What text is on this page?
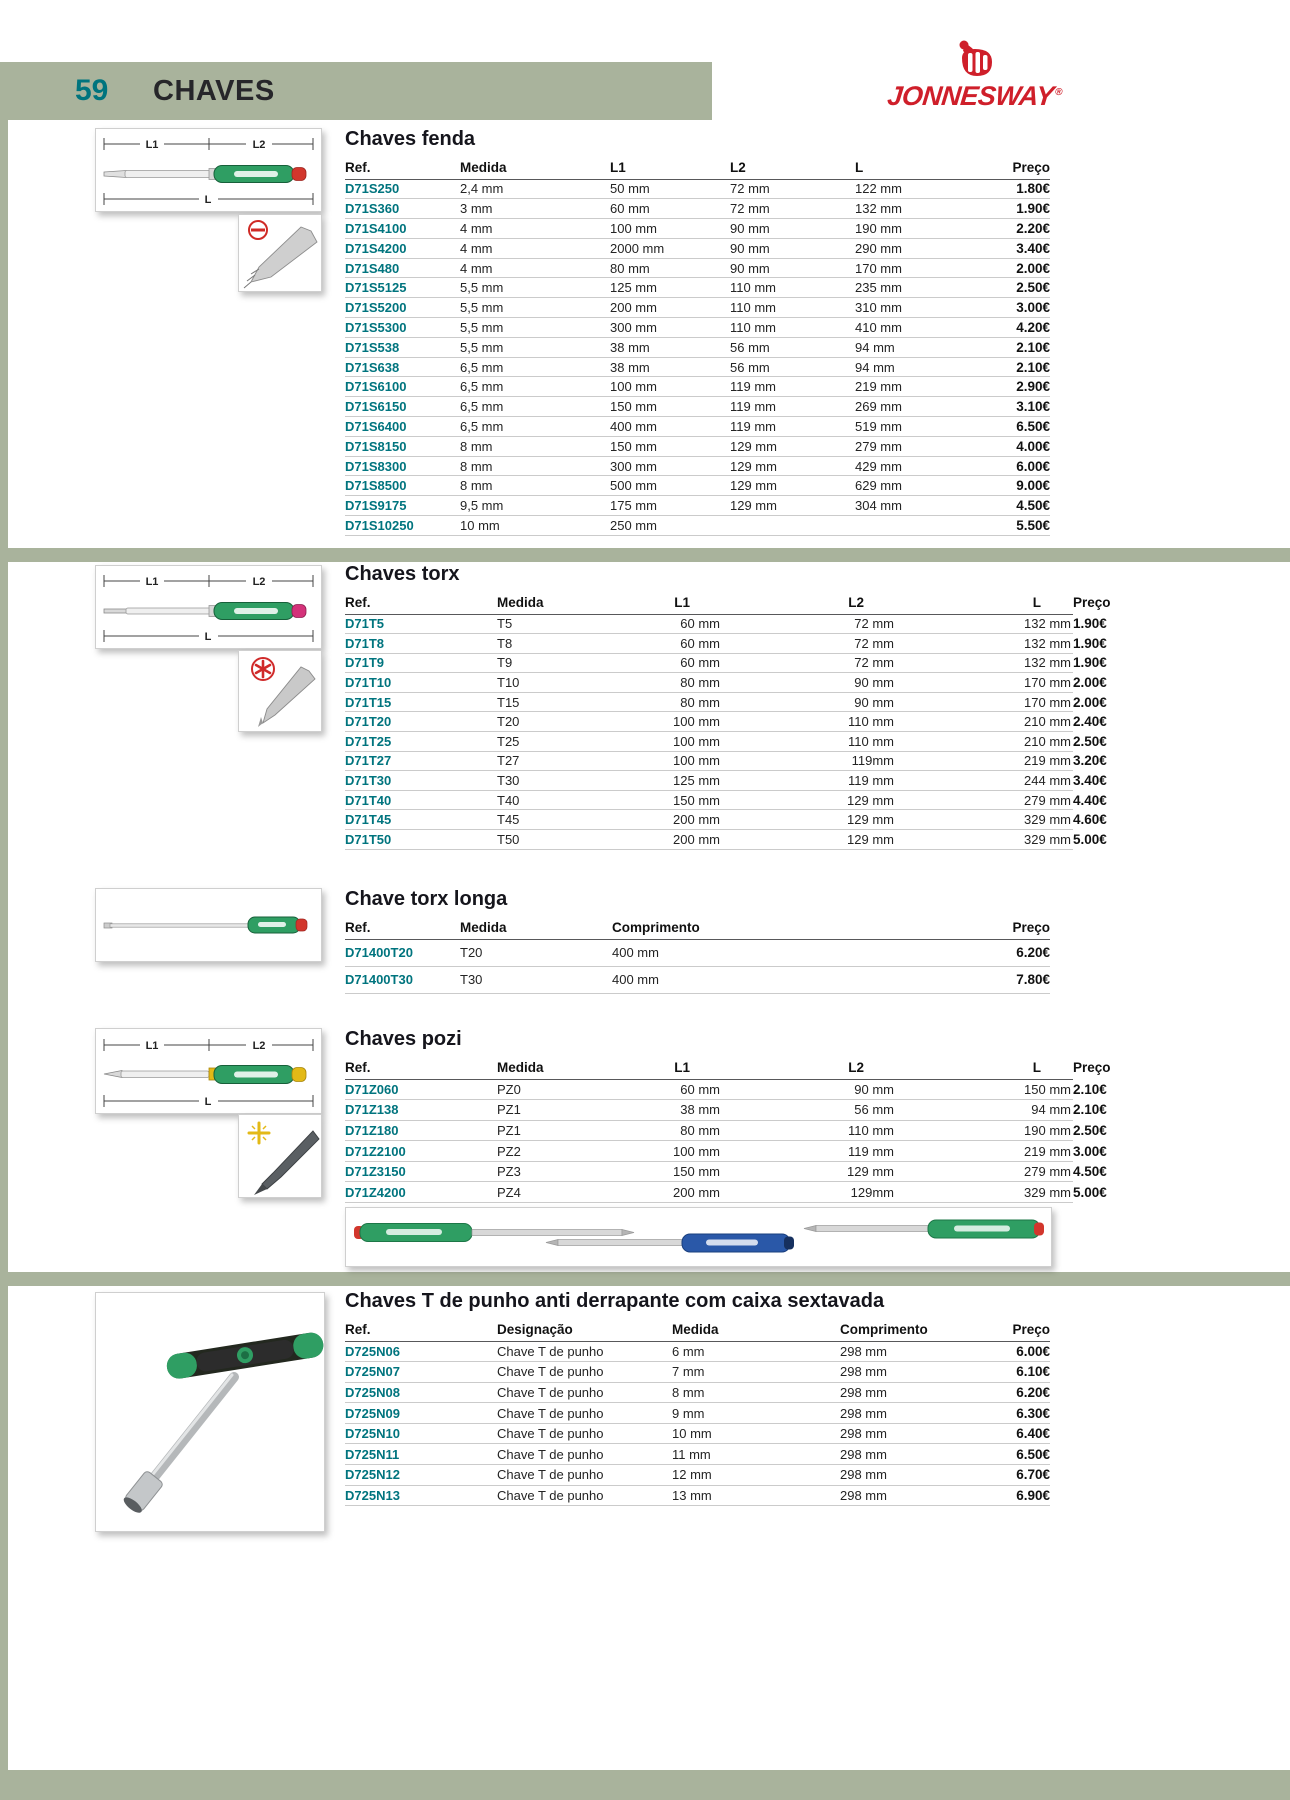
59 CHAVES	JONNESWAY®
L1	L2
L
L1	L2
L
L1	L2
L
Chaves fenda
Ref.	Medida	L1	L2	L	Preço
D71S250	2,4 mm	50 mm	72 mm	122 mm	1.80€
D71S360	3 mm	60 mm	72 mm	132 mm	1.90€
D71S4100	4 mm	100 mm	90 mm	190 mm	2.20€
D71S4200	4 mm	2000 mm	90 mm	290 mm	3.40€
D71S480	4 mm	80 mm	90 mm	170 mm	2.00€
D71S5125	5,5 mm	125 mm	110 mm	235 mm	2.50€
D71S5200	5,5 mm	200 mm	110 mm	310 mm	3.00€
D71S5300	5,5 mm	300 mm	110 mm	410 mm	4.20€
D71S538	5,5 mm	38 mm	56 mm	94 mm	2.10€
D71S638	6,5 mm	38 mm	56 mm	94 mm	2.10€
D71S6100	6,5 mm	100 mm	119 mm	219 mm	2.90€
D71S6150	6,5 mm	150 mm	119 mm	269 mm	3.10€
D71S6400	6,5 mm	400 mm	119 mm	519 mm	6.50€
D71S8150	8 mm	150 mm	129 mm	279 mm	4.00€
D71S8300	8 mm	300 mm	129 mm	429 mm	6.00€
D71S8500	8 mm	500 mm	129 mm	629 mm	9.00€
D71S9175	9,5 mm	175 mm	129 mm	304 mm	4.50€
D71S10250	10 mm	250 mm			5.50€
Chaves torx
Ref.	Medida	L1	L2	L	Preço
D71T5	T5	60 mm	72 mm	132 mm	1.90€
D71T8	T8	60 mm	72 mm	132 mm	1.90€
D71T9	T9	60 mm	72 mm	132 mm	1.90€
D71T10	T10	80 mm	90 mm	170 mm	2.00€
D71T15	T15	80 mm	90 mm	170 mm	2.00€
D71T20	T20	100 mm	110 mm	210 mm	2.40€
D71T25	T25	100 mm	110 mm	210 mm	2.50€
D71T27	T27	100 mm	119mm	219 mm	3.20€
D71T30	T30	125 mm	119 mm	244 mm	3.40€
D71T40	T40	150 mm	129 mm	279 mm	4.40€
D71T45	T45	200 mm	129 mm	329 mm	4.60€
D71T50	T50	200 mm	129 mm	329 mm	5.00€
Chave torx longa
Ref.	Medida	Comprimento	Preço
D71400T20	T20	400 mm	6.20€
D71400T30	T30	400 mm	7.80€
Chaves pozi
Ref.	Medida	L1	L2	L	Preço
D71Z060	PZ0	60 mm	90 mm	150 mm	2.10€
D71Z138	PZ1	38 mm	56 mm	94 mm	2.10€
D71Z180	PZ1	80 mm	110 mm	190 mm	2.50€
D71Z2100	PZ2	100 mm	119 mm	219 mm	3.00€
D71Z3150	PZ3	150 mm	129 mm	279 mm	4.50€
D71Z4200	PZ4	200 mm	129mm	329 mm	5.00€
Chaves T de punho anti derrapante com caixa sextavada
Ref.	Designação	Medida	Comprimento	Preço
D725N06	Chave T de punho	6 mm	298 mm	6.00€
D725N07	Chave T de punho	7 mm	298 mm	6.10€
D725N08	Chave T de punho	8 mm	298 mm	6.20€
D725N09	Chave T de punho	9 mm	298 mm	6.30€
D725N10	Chave T de punho	10 mm	298 mm	6.40€
D725N11	Chave T de punho	11 mm	298 mm	6.50€
D725N12	Chave T de punho	12 mm	298 mm	6.70€
D725N13	Chave T de punho	13 mm	298 mm	6.90€
